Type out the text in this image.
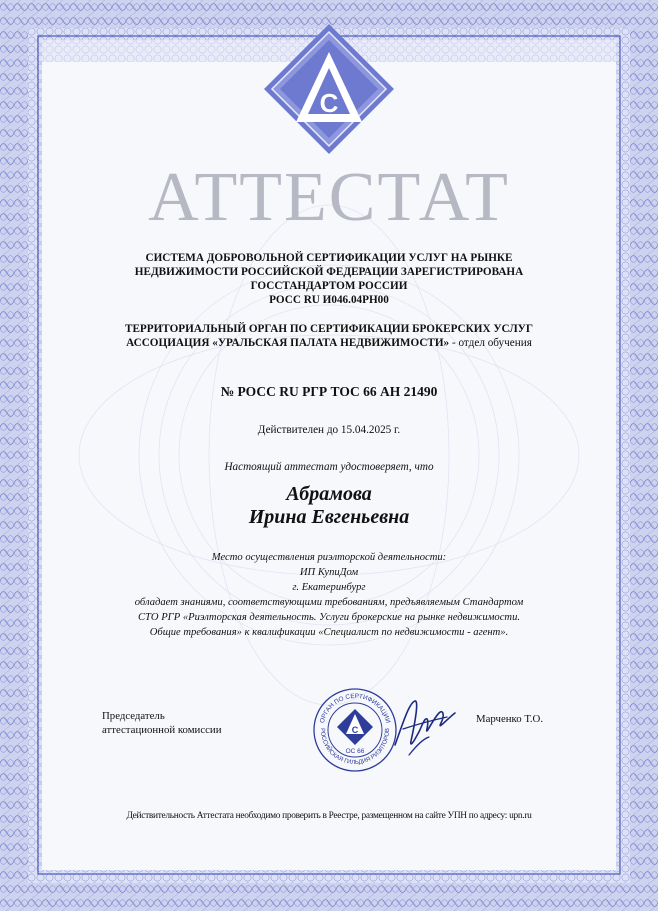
C
АТТЕСТАТ
СИСТЕМА ДОБРОВОЛЬНОЙ СЕРТИФИКАЦИИ УСЛУГ НА РЫНКЕ
НЕДВИЖИМОСТИ РОССИЙСКОЙ ФЕДЕРАЦИИ ЗАРЕГИСТРИРОВАНА
ГОССТАНДАРТОМ РОССИИ
РОСС RU И046.04РН00
ТЕРРИТОРИАЛЬНЫЙ ОРГАН ПО СЕРТИФИКАЦИИ БРОКЕРСКИХ УСЛУГ
АССОЦИАЦИЯ «УРАЛЬСКАЯ ПАЛАТА НЕДВИЖИМОСТИ» - отдел обучения
№ РОСС RU РГР ТОС 66 АН 21490
Действителен до 15.04.2025 г.
Настоящий аттестат удостоверяет, что
Абрамова
Ирина Евгеньевна
Место осуществления риэлторской деятельности:
ИП КупиДом
г. Екатеринбург
обладает знаниями, соответствующими требованиям, предъявляемым Стандартом
СТО РГР «Риэлторская деятельность. Услуги брокерские на рынке недвижимости.
Общие требования» к квалификации «Специалист по недвижимости - агент».
Председатель
аттестационной комиссии
ОРГАН ПО СЕРТИФИКАЦИИ
РОССИЙСКАЯ ГИЛЬДИЯ РИЭЛТОРОВ
C
ОС 66
Марченко Т.О.
Действительность Аттестата необходимо проверить в Реестре, размещенном на сайте УПН по адресу: upn.ru
